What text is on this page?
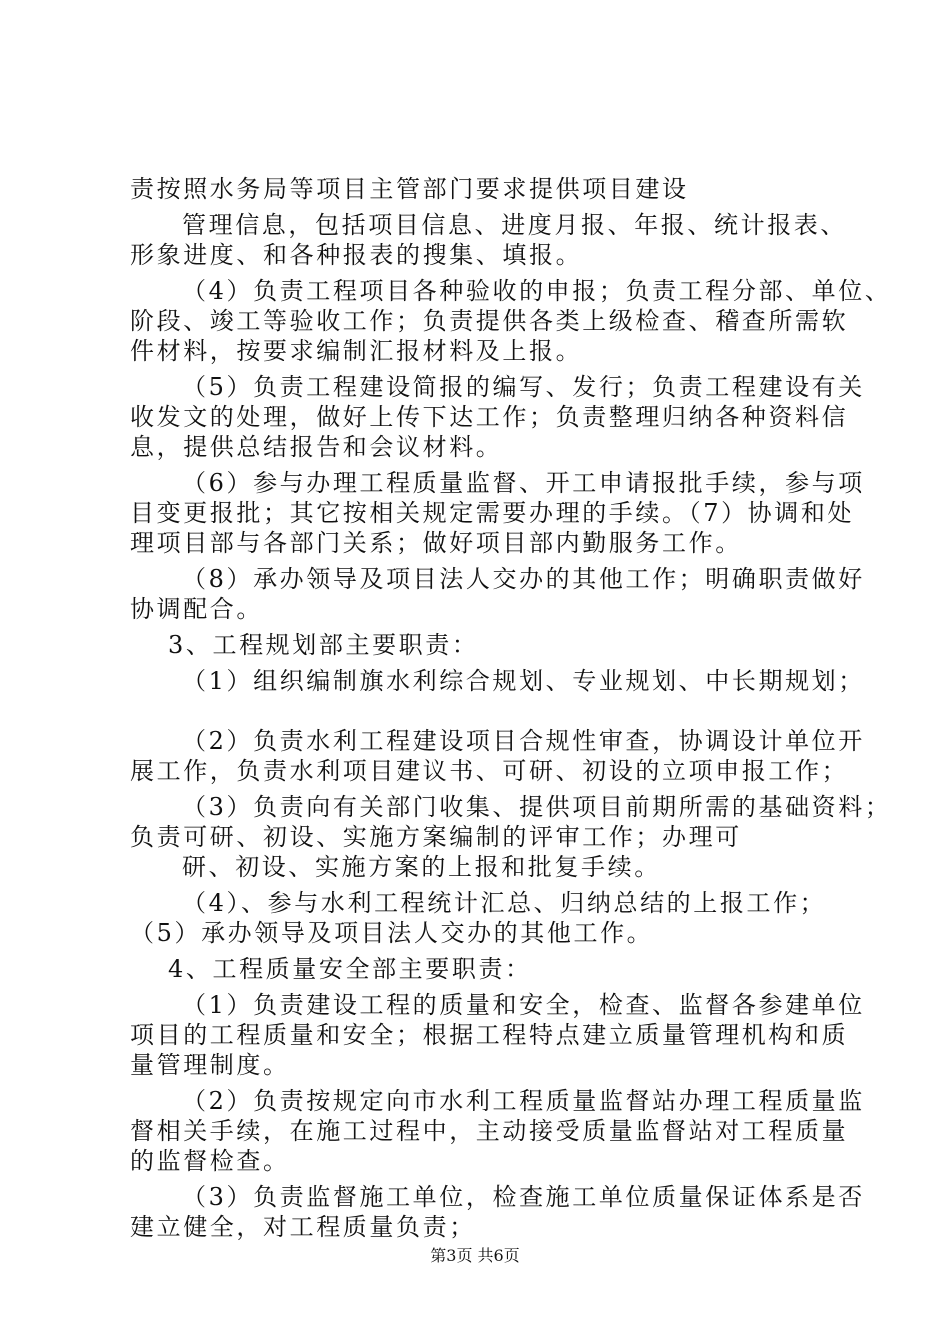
责按照水务局等项目主管部门要求提供项目建设
管理信息，包括项目信息、进度月报、年报、统计报表、
形象进度、和各种报表的搜集、填报。
（4）负责工程项目各种验收的申报；负责工程分部、单位、
阶段、竣工等验收工作；负责提供各类上级检查、稽查所需软
件材料，按要求编制汇报材料及上报。
（5）负责工程建设简报的编写、发行；负责工程建设有关
收发文的处理，做好上传下达工作；负责整理归纳各种资料信
息，提供总结报告和会议材料。
（6）参与办理工程质量监督、开工申请报批手续，参与项
目变更报批；其它按相关规定需要办理的手续。（7）协调和处
理项目部与各部门关系；做好项目部内勤服务工作。
（8）承办领导及项目法人交办的其他工作；明确职责做好
协调配合。
3、工程规划部主要职责：
（1）组织编制旗水利综合规划、专业规划、中长期规划；
（2）负责水利工程建设项目合规性审查，协调设计单位开
展工作，负责水利项目建议书、可研、初设的立项申报工作；
（3）负责向有关部门收集、提供项目前期所需的基础资料；
负责可研、初设、实施方案编制的评审工作；办理可
研、初设、实施方案的上报和批复手续。
（4）、参与水利工程统计汇总、归纳总结的上报工作；
（5）承办领导及项目法人交办的其他工作。
4、工程质量安全部主要职责：
（1）负责建设工程的质量和安全，检查、监督各参建单位
项目的工程质量和安全；根据工程特点建立质量管理机构和质
量管理制度。
（2）负责按规定向市水利工程质量监督站办理工程质量监
督相关手续，在施工过程中，主动接受质量监督站对工程质量
的监督检查。
（3）负责监督施工单位，检查施工单位质量保证体系是否
建立健全，对工程质量负责；
第3页 共6页
